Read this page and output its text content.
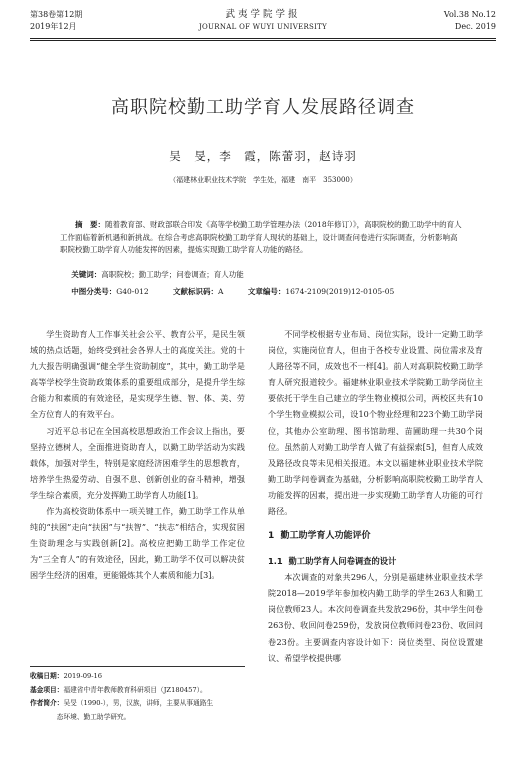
第38卷第12期
2019年12月
武夷学院学报
JOURNAL OF WUYI UNIVERSITY
Vol.38 No.12
Dec. 2019
高职院校勤工助学育人发展路径调查
吴　旻，李　霞，陈蕾羽，赵诗羽
（福建林业职业技术学院　学生处，福建　南平　353000）
摘　要：随着教育部、财政部联合印发《高等学校勤工助学管理办法（2018年修订）》，高职院校的勤工助学中的育人工作面临着新机遇和新挑战。在综合考虑高职院校勤工助学育人现状的基础上，设计调查问卷进行实际调查，分析影响高职院校勤工助学育人功能发挥的因素，提炼实现勤工助学育人功能的路径。
关键词：高职院校；勤工助学；问卷调查；育人功能
中图分类号：G40-012	文献标识码：A	文章编号：1674-2109(2019)12-0105-05

学生资助育人工作事关社会公平、教育公平，是民生领域的热点话题，始终受到社会各界人士的高度关注。党的十九大报告明确强调“健全学生资助制度”，其中，勤工助学是高等学校学生资助政策体系的重要组成部分，是提升学生综合能力和素质的有效途径，是实现学生德、智、体、美、劳全方位育人的有效平台。

习近平总书记在全国高校思想政治工作会议上指出，要坚持立德树人，全面推进资助育人，以勤工助学活动为实践载体，加强对学生，特别是家庭经济困难学生的思想教育，培养学生热爱劳动、自强不息、创新创业的奋斗精神，增强学生综合素质，充分发挥勤工助学育人功能[1]。

作为高校资助体系中一项关键工作，勤工助学工作从单纯的“扶困”走向“扶困”与“扶智”、“扶志”相结合，实现贫困生资助理念与实践创新[2]。高校应把勤工助学工作定位为“三全育人”的有效途径，因此，勤工助学不仅可以解决贫困学生经济的困难，更能锻炼其个人素质和能力[3]。

不同学校根据专业布局、岗位实际，设计一定勤工助学岗位，实施岗位育人，但由于各校专业设置、岗位需求及育人路径等不同，成效也不一样[4]。前人对高职院校勤工助学育人研究报道较少。福建林业职业技术学院勤工助学岗位主要依托于学生自己建立的学生物业模拟公司，两校区共有10个学生物业模拟公司，设10个物业经理和223个勤工助学岗位，其他办公室助理、图书馆助理、苗圃助理一共30个岗位。虽然前人对勤工助学育人做了有益探索[5]，但育人成效及路径改良等未见相关报道。本文以福建林业职业技术学院勤工助学问卷调查为基础，分析影响高职院校勤工助学育人功能发挥的因素，提出进一步实现勤工助学育人功能的可行路径。

1 勤工助学育人功能评价
1.1 勤工助学育人问卷调查的设计

本次调查的对象共296人，分别是福建林业职业技术学院2018—2019学年参加校内勤工助学的学生263人和勤工岗位教师23人。本次问卷调查共发放296份，其中学生问卷263份、收回问卷259份，发放岗位教师问卷23份、收回问卷23份。主要调查内容设计如下：岗位类型、岗位设置建议、希望学校提供哪

收稿日期：2019-09-16
基金项目：福建省中青年教师教育科研项目（JZ180457）。
作者简介：吴旻（1990-），男，汉族，讲师，主要从事通路生
态环境、勤工助学研究。
